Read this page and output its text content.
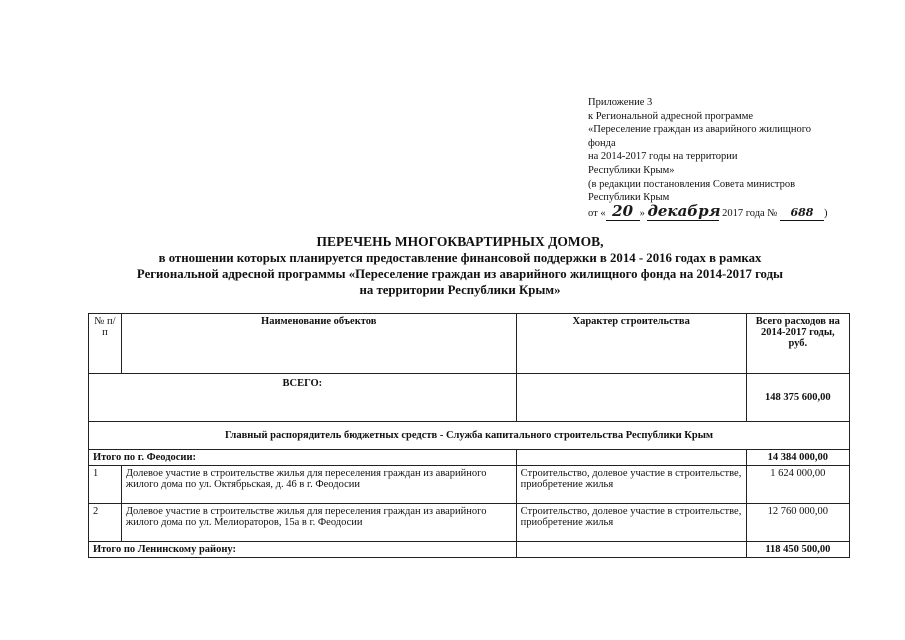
Приложение 3
к Региональной адресной программе
«Переселение граждан из аварийного жилищного
фонда
на 2014-2017 годы на территории
Республики Крым»
(в редакции постановления Совета министров
Республики Крым
от « 20 » декабря 2017 года № 688 )
ПЕРЕЧЕНЬ МНОГОКВАРТИРНЫХ ДОМОВ,
в отношении которых планируется предоставление финансовой поддержки в 2014 - 2016 годах в рамках
Региональной адресной программы «Переселение граждан из аварийного жилищного фонда на 2014-2017 годы
на территории Республики Крым»
№ п/п	Наименование объектов	Характер строительства	Всего расходов на 2014-2017 годы, руб.
ВСЕГО:			148 375 600,00
Главный распорядитель бюджетных средств - Служба капитального строительства Республики Крым			
Итого по г. Феодосии:			14 384 000,00
1	Долевое участие в строительстве жилья для переселения граждан из аварийного жилого дома по ул. Октябрьская, д. 46 в г. Феодосии	Строительство, долевое участие в строительстве, приобретение жилья	1 624 000,00
2	Долевое участие в строительстве жилья для переселения граждан из аварийного жилого дома по ул. Мелиораторов, 15а в г. Феодосии	Строительство, долевое участие в строительстве, приобретение жилья	12 760 000,00
Итого по Ленинскому району:			118 450 500,00
